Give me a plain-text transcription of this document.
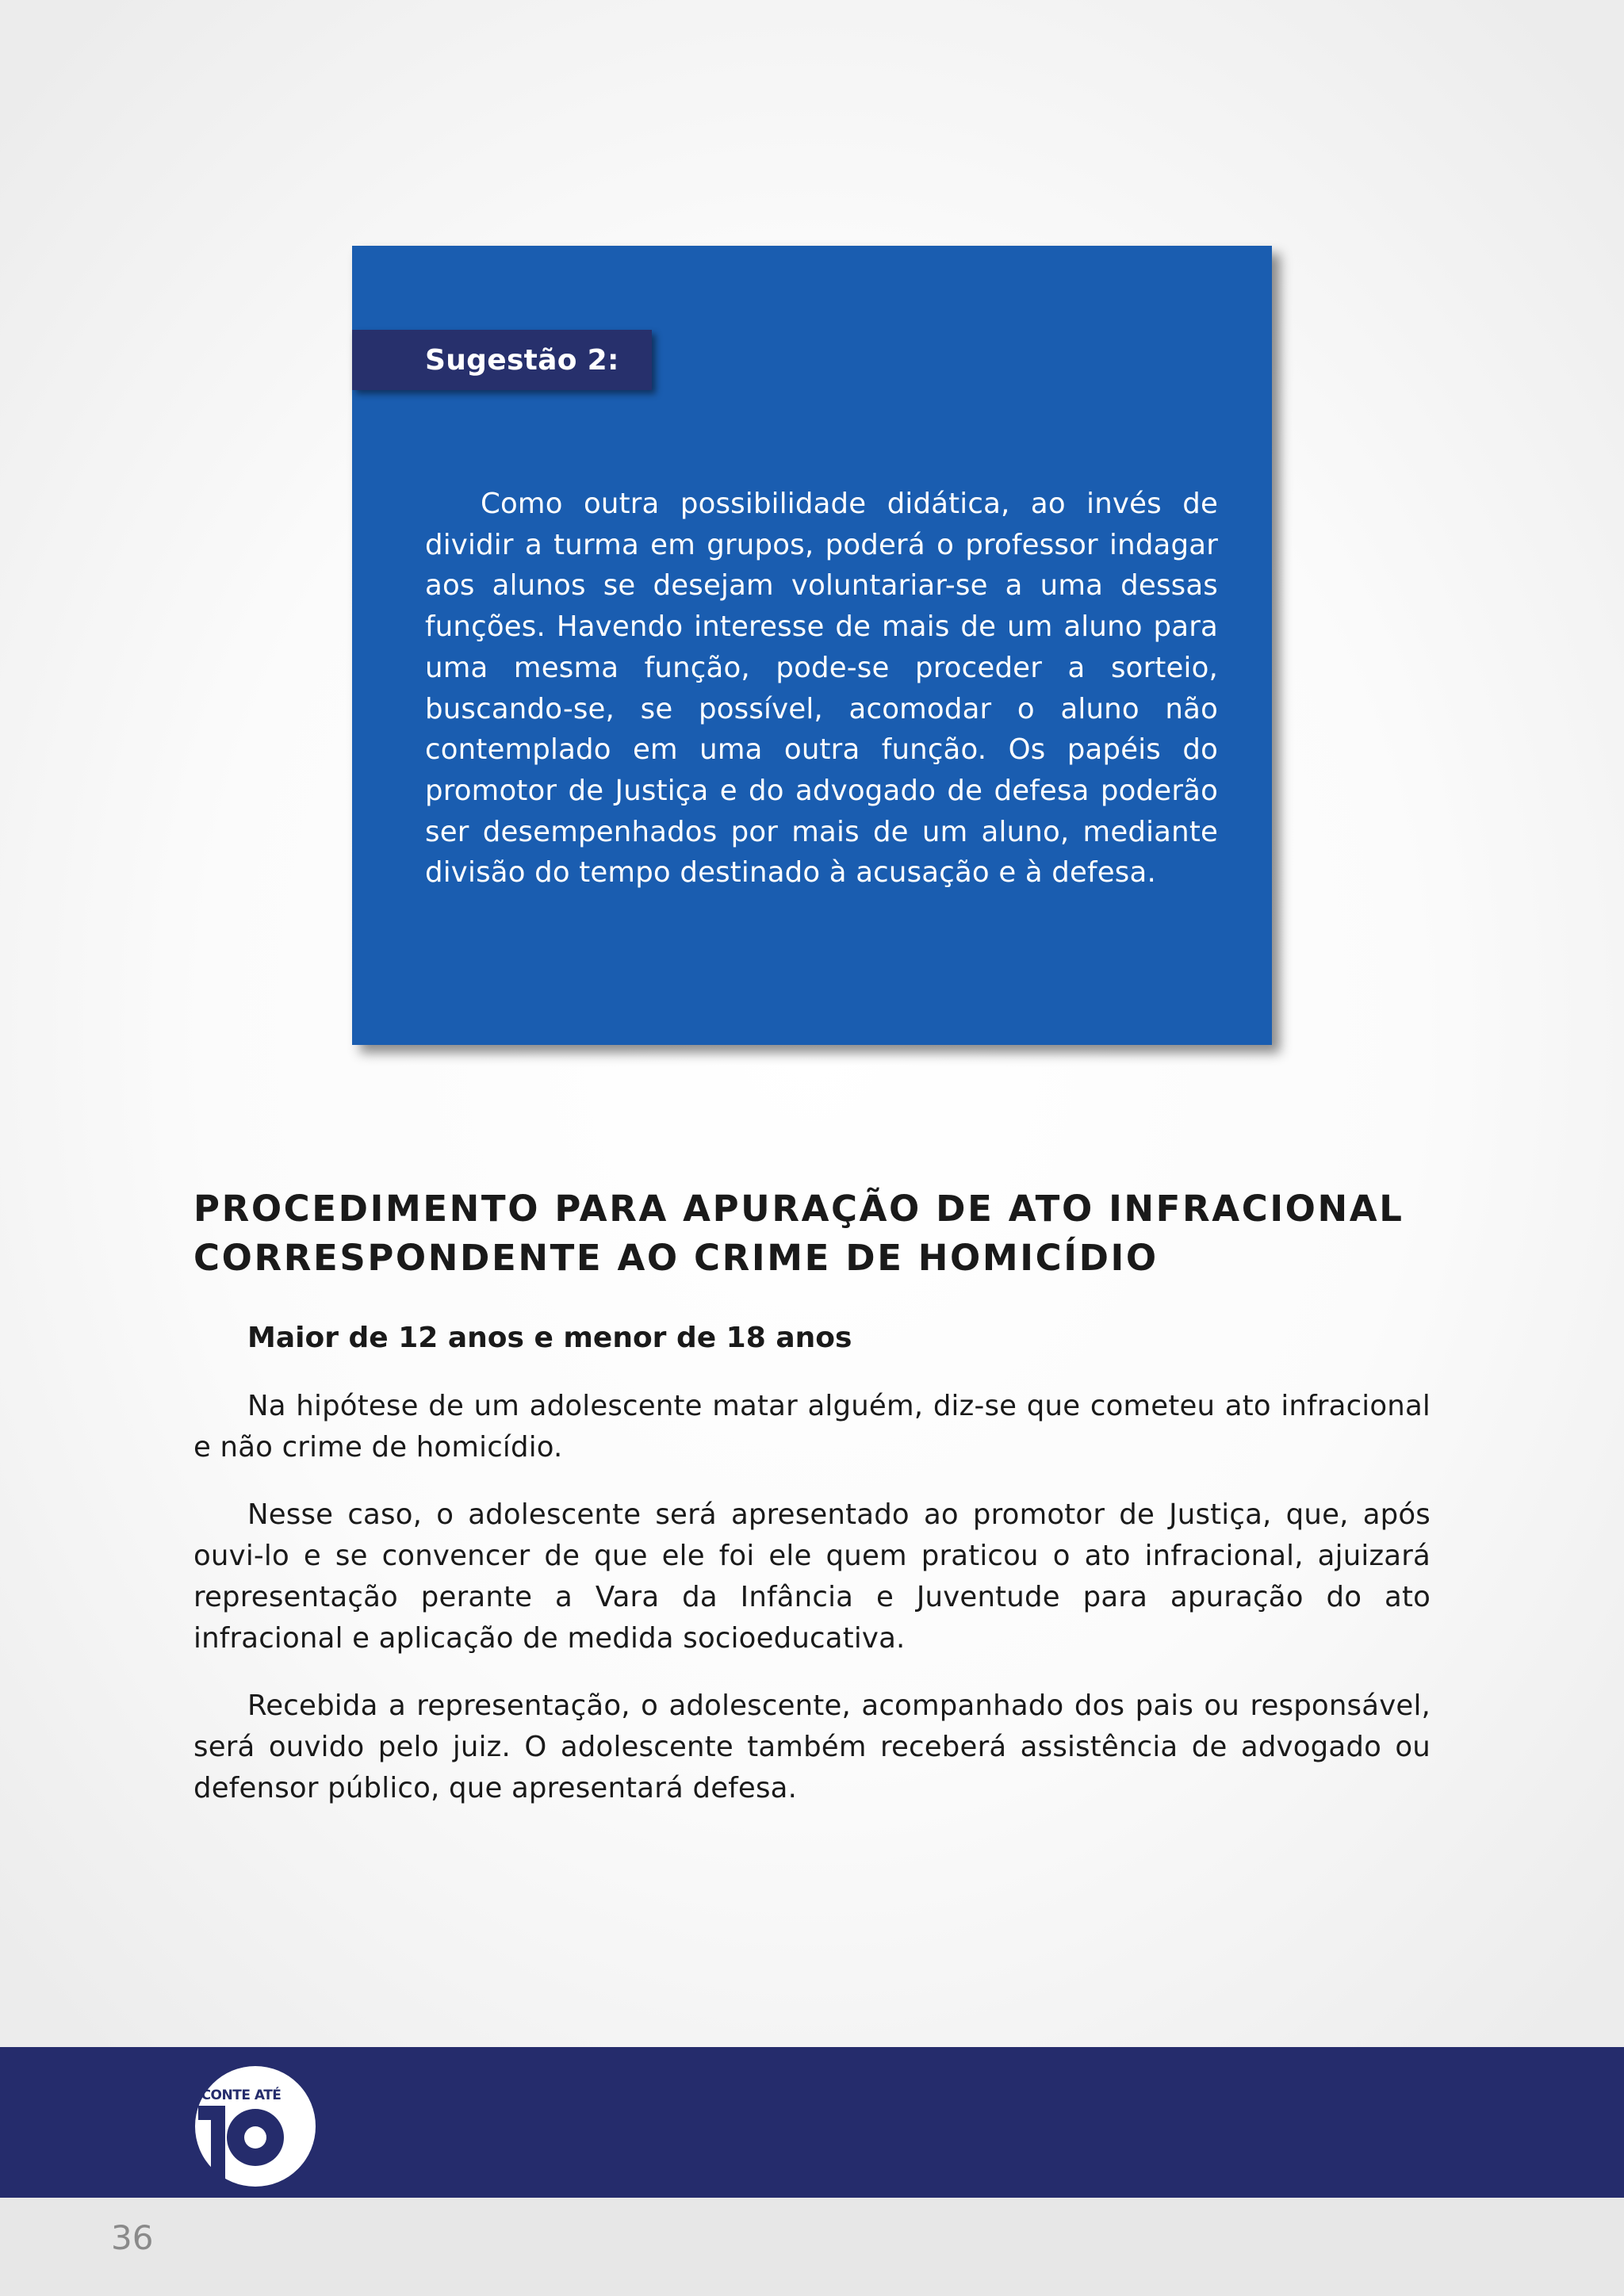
Sugestão 2:

Como outra possibilidade didática, ao invés de dividir a turma em grupos, poderá o professor indagar aos alunos se desejam voluntariar-se a uma dessas funções. Havendo interesse de mais de um aluno para uma mesma função, pode-se proceder a sorteio, buscando-se, se possível, acomodar o aluno não contemplado em uma outra função. Os papéis do promotor de Justiça e do advogado de defesa poderão ser desempenhados por mais de um aluno, mediante divisão do tempo destinado à acusação e à defesa.

PROCEDIMENTO PARA APURAÇÃO DE ATO INFRACIONAL
CORRESPONDENTE AO CRIME DE HOMICÍDIO

Maior de 12 anos e menor de 18 anos

Na hipótese de um adolescente matar alguém, diz-se que cometeu ato infracional e não crime de homicídio.

Nesse caso, o adolescente será apresentado ao promotor de Justiça, que, após ouvi-lo e se convencer de que ele foi ele quem praticou o ato infracional, ajuizará representação perante a Vara da Infância e Juventude para apuração do ato infracional e aplicação de medida socioeducativa.

Recebida a representação, o adolescente, acompanhado dos pais ou responsável, será ouvido pelo juiz. O adolescente também receberá assistência de advogado ou defensor público, que apresentará defesa.

CONTE ATÉ
36
